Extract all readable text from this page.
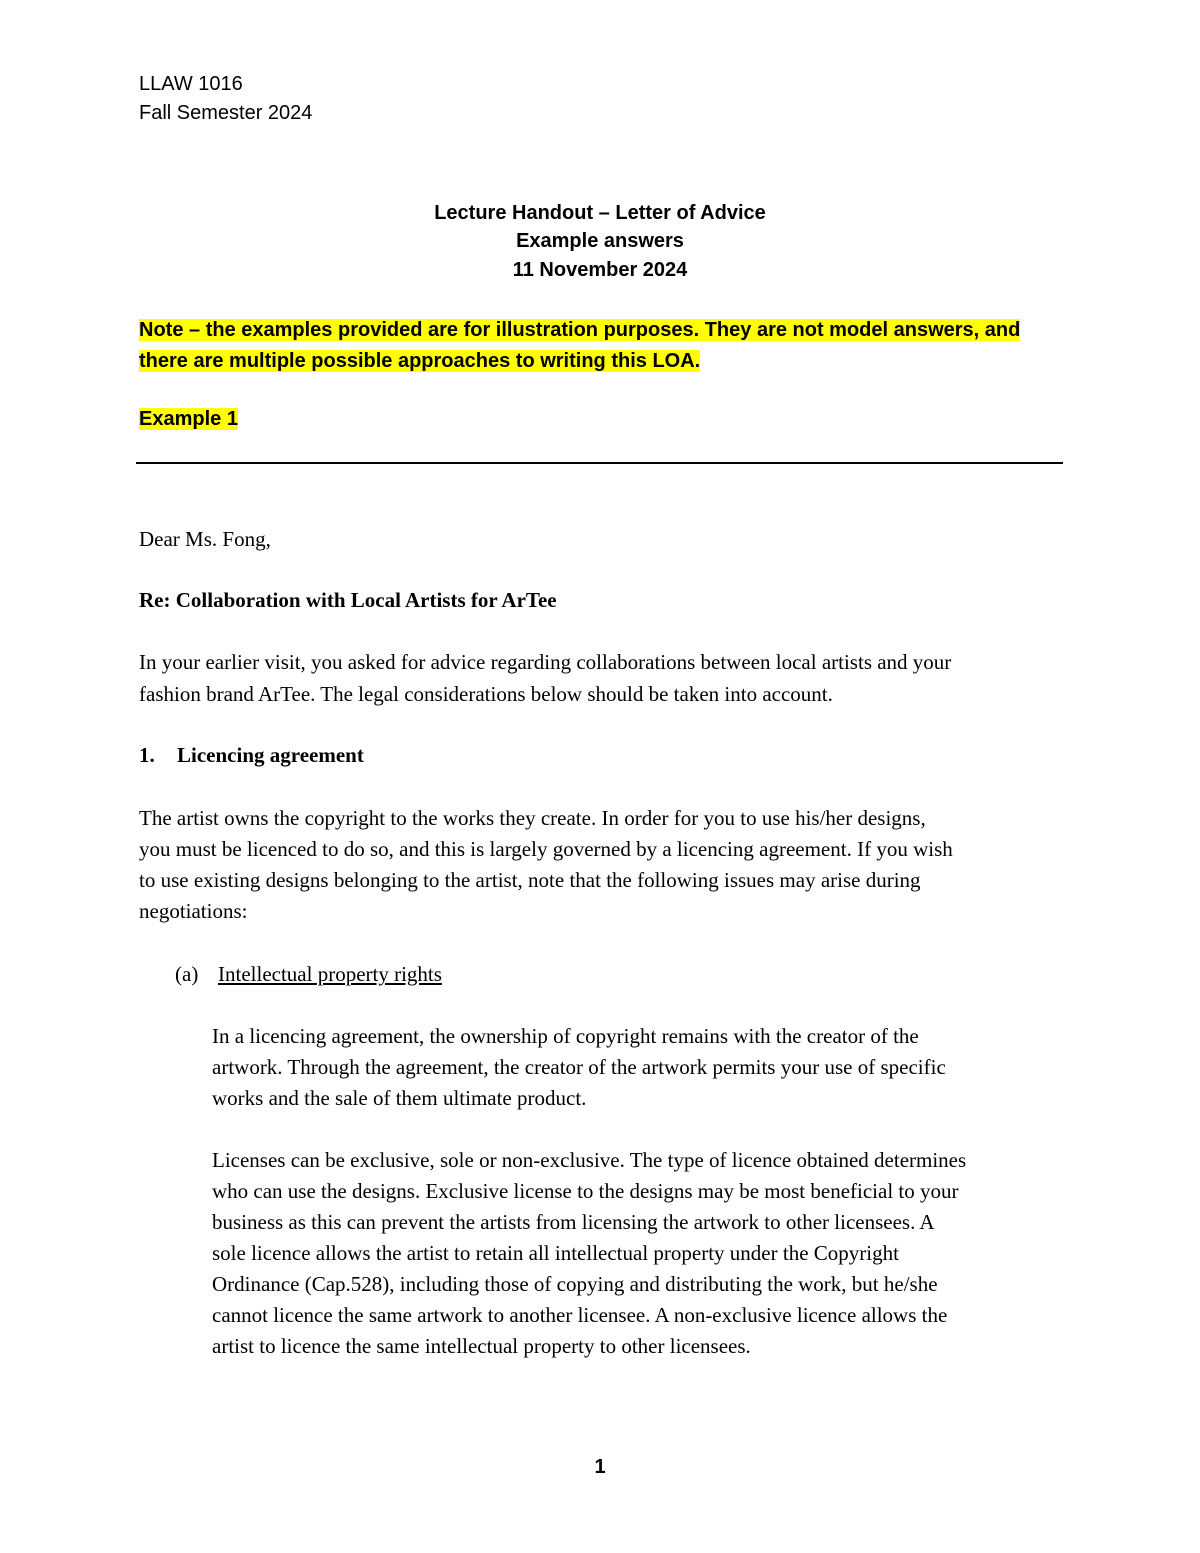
LLAW 1016
Fall Semester 2024
Lecture Handout – Letter of Advice
Example answers
11 November 2024
Note – the examples provided are for illustration purposes. They are not model answers, and
there are multiple possible approaches to writing this LOA.
Example 1
Dear Ms. Fong,
Re: Collaboration with Local Artists for ArTee
In your earlier visit, you asked for advice regarding collaborations between local artists and your
fashion brand ArTee. The legal considerations below should be taken into account.
1. Licencing agreement
The artist owns the copyright to the works they create. In order for you to use his/her designs,
you must be licenced to do so, and this is largely governed by a licencing agreement. If you wish
to use existing designs belonging to the artist, note that the following issues may arise during
negotiations:
(a) Intellectual property rights
In a licencing agreement, the ownership of copyright remains with the creator of the
artwork. Through the agreement, the creator of the artwork permits your use of specific
works and the sale of them ultimate product.
Licenses can be exclusive, sole or non-exclusive. The type of licence obtained determines
who can use the designs. Exclusive license to the designs may be most beneficial to your
business as this can prevent the artists from licensing the artwork to other licensees. A
sole licence allows the artist to retain all intellectual property under the Copyright
Ordinance (Cap.528), including those of copying and distributing the work, but he/she
cannot licence the same artwork to another licensee. A non-exclusive licence allows the
artist to licence the same intellectual property to other licensees.
1
